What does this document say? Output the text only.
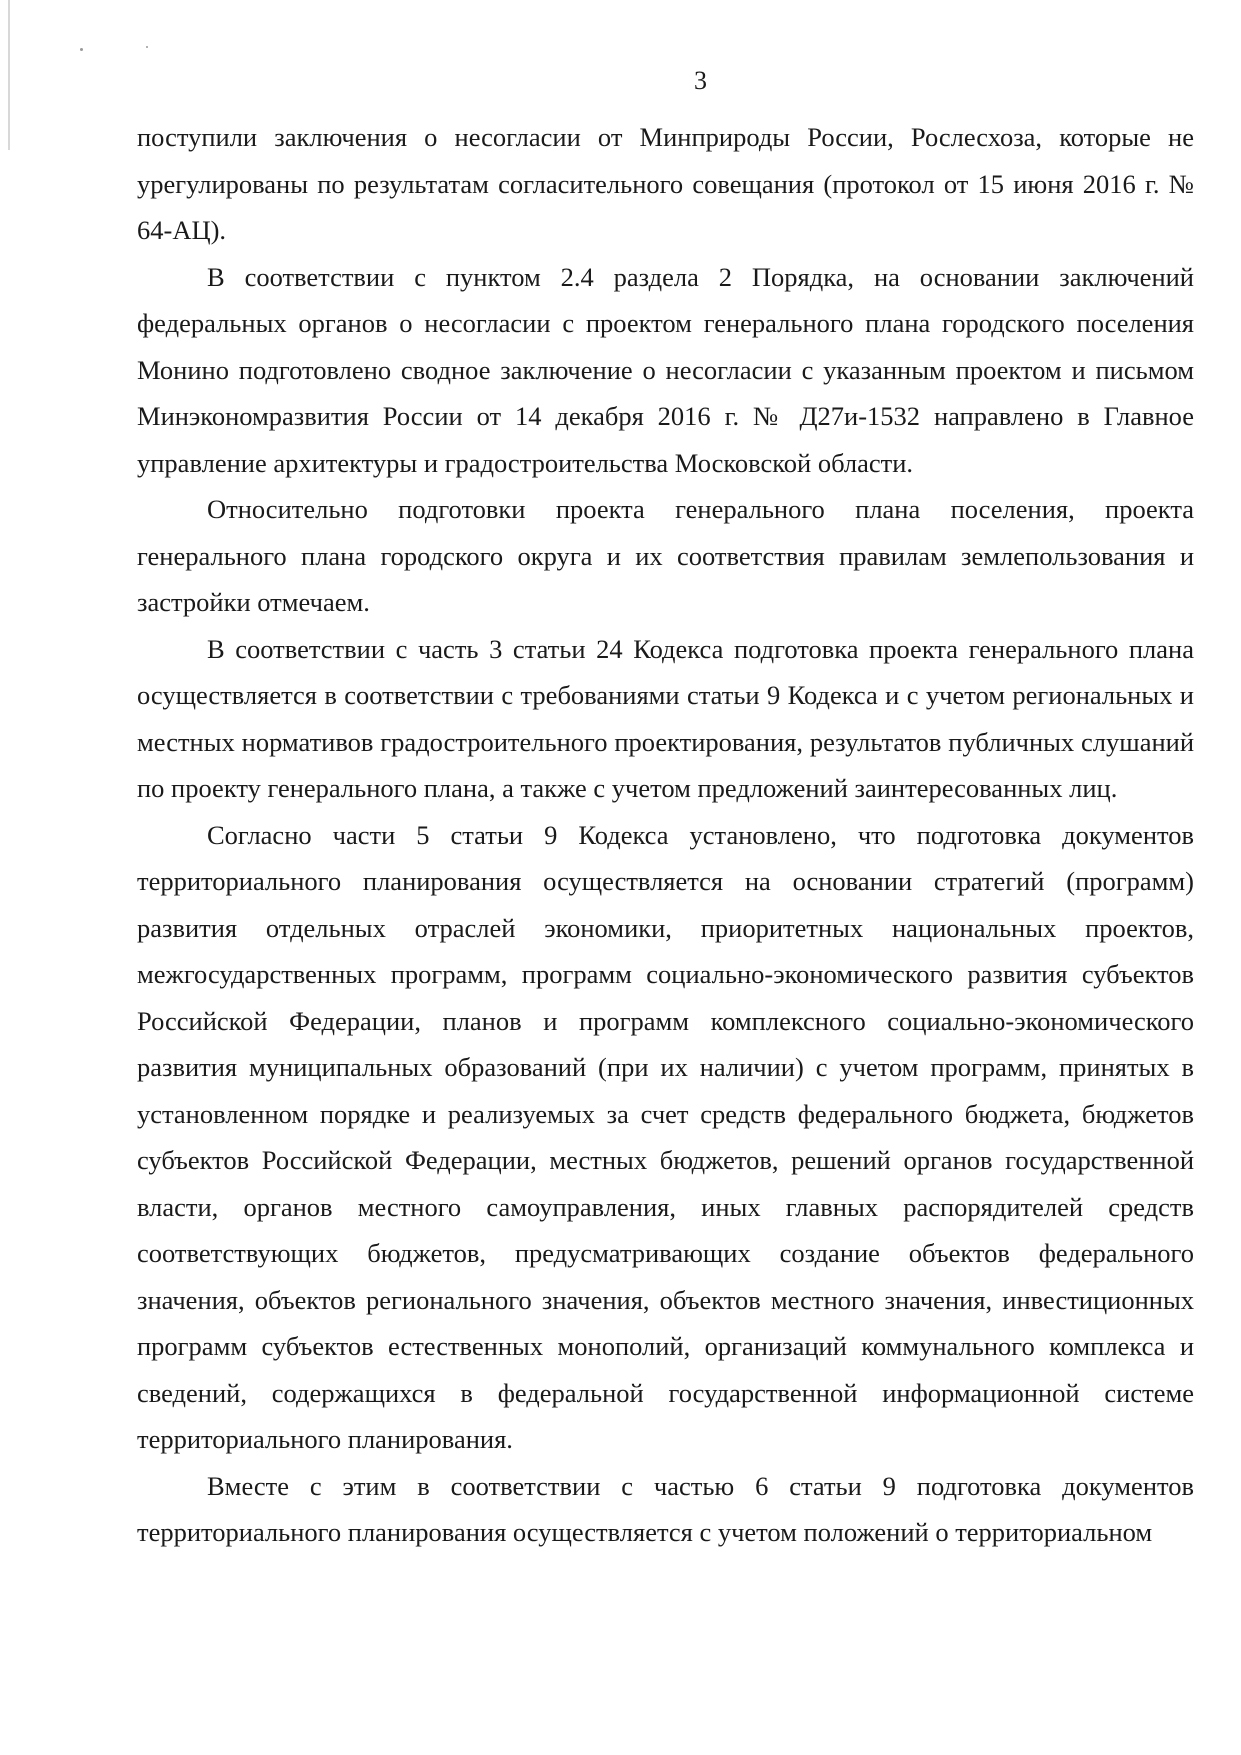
3

поступили заключения о несогласии от Минприроды России, Рослесхоза, которые не урегулированы по результатам согласительного совещания (протокол от 15 июня 2016 г. № 64-АЦ).

В соответствии с пунктом 2.4 раздела 2 Порядка, на основании заключений федеральных органов о несогласии с проектом генерального плана городского поселения Монино подготовлено сводное заключение о несогласии с указанным проектом и письмом Минэкономразвития России от 14 декабря 2016 г. № Д27и-1532 направлено в Главное управление архитектуры и градостроительства Московской области.

Относительно подготовки проекта генерального плана поселения, проекта генерального плана городского округа и их соответствия правилам землепользования и застройки отмечаем.

В соответствии с часть 3 статьи 24 Кодекса подготовка проекта генерального плана осуществляется в соответствии с требованиями статьи 9 Кодекса и с учетом региональных и местных нормативов градостроительного проектирования, результатов публичных слушаний по проекту генерального плана, а также с учетом предложений заинтересованных лиц.

Согласно части 5 статьи 9 Кодекса установлено, что подготовка документов территориального планирования осуществляется на основании стратегий (программ) развития отдельных отраслей экономики, приоритетных национальных проектов, межгосударственных программ, программ социально-экономического развития субъектов Российской Федерации, планов и программ комплексного социально-экономического развития муниципальных образований (при их наличии) с учетом программ, принятых в установленном порядке и реализуемых за счет средств федерального бюджета, бюджетов субъектов Российской Федерации, местных бюджетов, решений органов государственной власти, органов местного самоуправления, иных главных распорядителей средств соответствующих бюджетов, предусматривающих создание объектов федерального значения, объектов регионального значения, объектов местного значения, инвестиционных программ субъектов естественных монополий, организаций коммунального комплекса и сведений, содержащихся в федеральной государственной информационной системе территориального планирования.

Вместе с этим в соответствии с частью 6 статьи 9 подготовка документов территориального планирования осуществляется с учетом положений о территориальном
